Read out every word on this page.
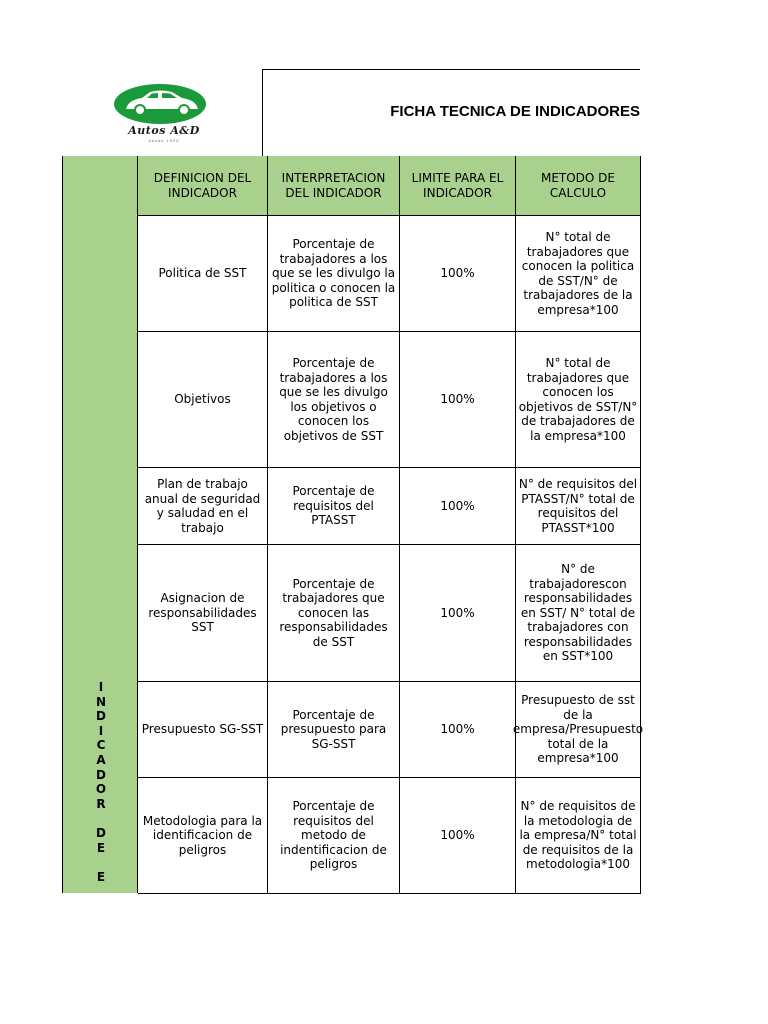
Autos A&D
desde 1990
FICHA TECNICA DE INDICADORES
DEFINICION DEL INDICADOR
INTERPRETACION DEL INDICADOR
LIMITE PARA EL INDICADOR
METODO DE CALCULO
I
N
D
I
C
A
D
O
R

D
E

E
Politica de SST
Porcentaje de trabajadores a los que se les divulgo la politica o conocen la politica de SST
100%
N° total de trabajadores que conocen la politica de SST/N° de trabajadores de la empresa*100
Objetivos
Porcentaje de trabajadores a los que se les divulgo los objetivos o conocen los objetivos de SST
100%
N° total de trabajadores que conocen los objetivos de SST/N° de trabajadores de la empresa*100
Plan de trabajo anual de seguridad y saludad en el trabajo
Porcentaje de requisitos del PTASST
100%
N° de requisitos del PTASST/N° total de requisitos del PTASST*100
Asignacion de responsabilidades SST
Porcentaje de trabajadores que conocen las responsabilidades de SST
100%
N° de trabajadorescon responsabilidades en SST/ N° total de trabajadores con responsabilidades en SST*100
Presupuesto SG-SST
Porcentaje de presupuesto para SG-SST
100%
Presupuesto de sst de la empresa/Presupuesto total de la empresa*100
Metodologia para la identificacion de peligros
Porcentaje de requisitos del metodo de indentificacion de peligros
100%
N° de requisitos de la metodologia de la empresa/N° total de requisitos de la metodologia*100
